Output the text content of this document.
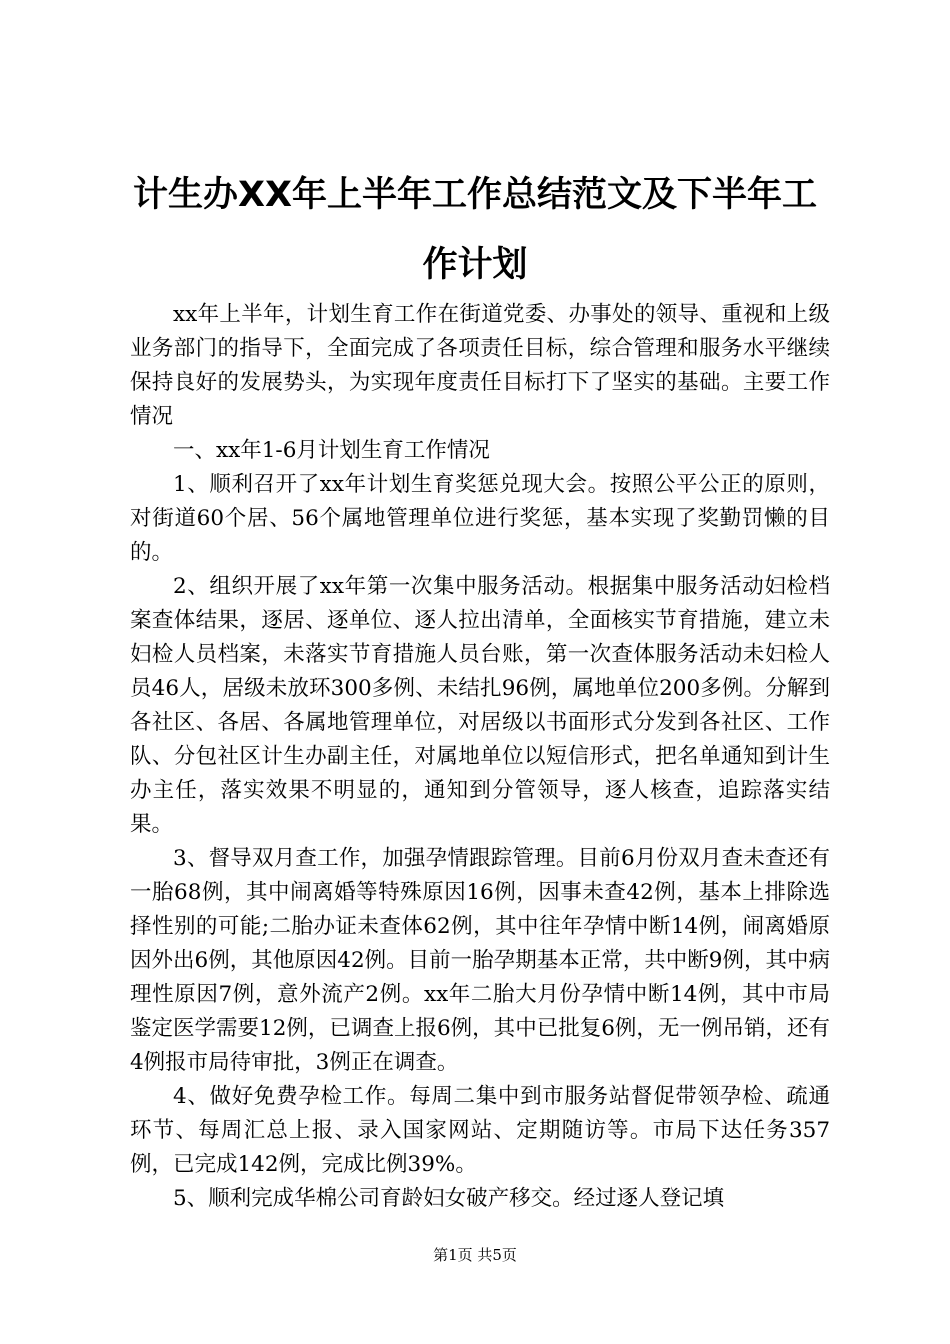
计生办XX年上半年工作总结范文及下半年工作计划

xx年上半年，计划生育工作在街道党委、办事处的领导、重视和上级业务部门的指导下，全面完成了各项责任目标，综合管理和服务水平继续保持良好的发展势头，为实现年度责任目标打下了坚实的基础。主要工作情况

一、xx年1-6月计划生育工作情况

1、顺利召开了xx年计划生育奖惩兑现大会。按照公平公正的原则，对街道60个居、56个属地管理单位进行奖惩，基本实现了奖勤罚懒的目的。

2、组织开展了xx年第一次集中服务活动。根据集中服务活动妇检档案查体结果，逐居、逐单位、逐人拉出清单，全面核实节育措施，建立未妇检人员档案，未落实节育措施人员台账，第一次查体服务活动未妇检人员46人，居级未放环300多例、未结扎96例，属地单位200多例。分解到各社区、各居、各属地管理单位，对居级以书面形式分发到各社区、工作队、分包社区计生办副主任，对属地单位以短信形式，把名单通知到计生办主任，落实效果不明显的，通知到分管领导，逐人核查，追踪落实结果。

3、督导双月查工作，加强孕情跟踪管理。目前6月份双月查未查还有一胎68例，其中闹离婚等特殊原因16例，因事未查42例，基本上排除选择性别的可能;二胎办证未查体62例，其中往年孕情中断14例，闹离婚原因外出6例，其他原因42例。目前一胎孕期基本正常，共中断9例，其中病理性原因7例，意外流产2例。xx年二胎大月份孕情中断14例，其中市局鉴定医学需要12例，已调查上报6例，其中已批复6例，无一例吊销，还有4例报市局待审批，3例正在调查。

4、做好免费孕检工作。每周二集中到市服务站督促带领孕检、疏通环节、每周汇总上报、录入国家网站、定期随访等。市局下达任务357例，已完成142例，完成比例39%。

5、顺利完成华棉公司育龄妇女破产移交。经过逐人登记填

第1页 共5页
